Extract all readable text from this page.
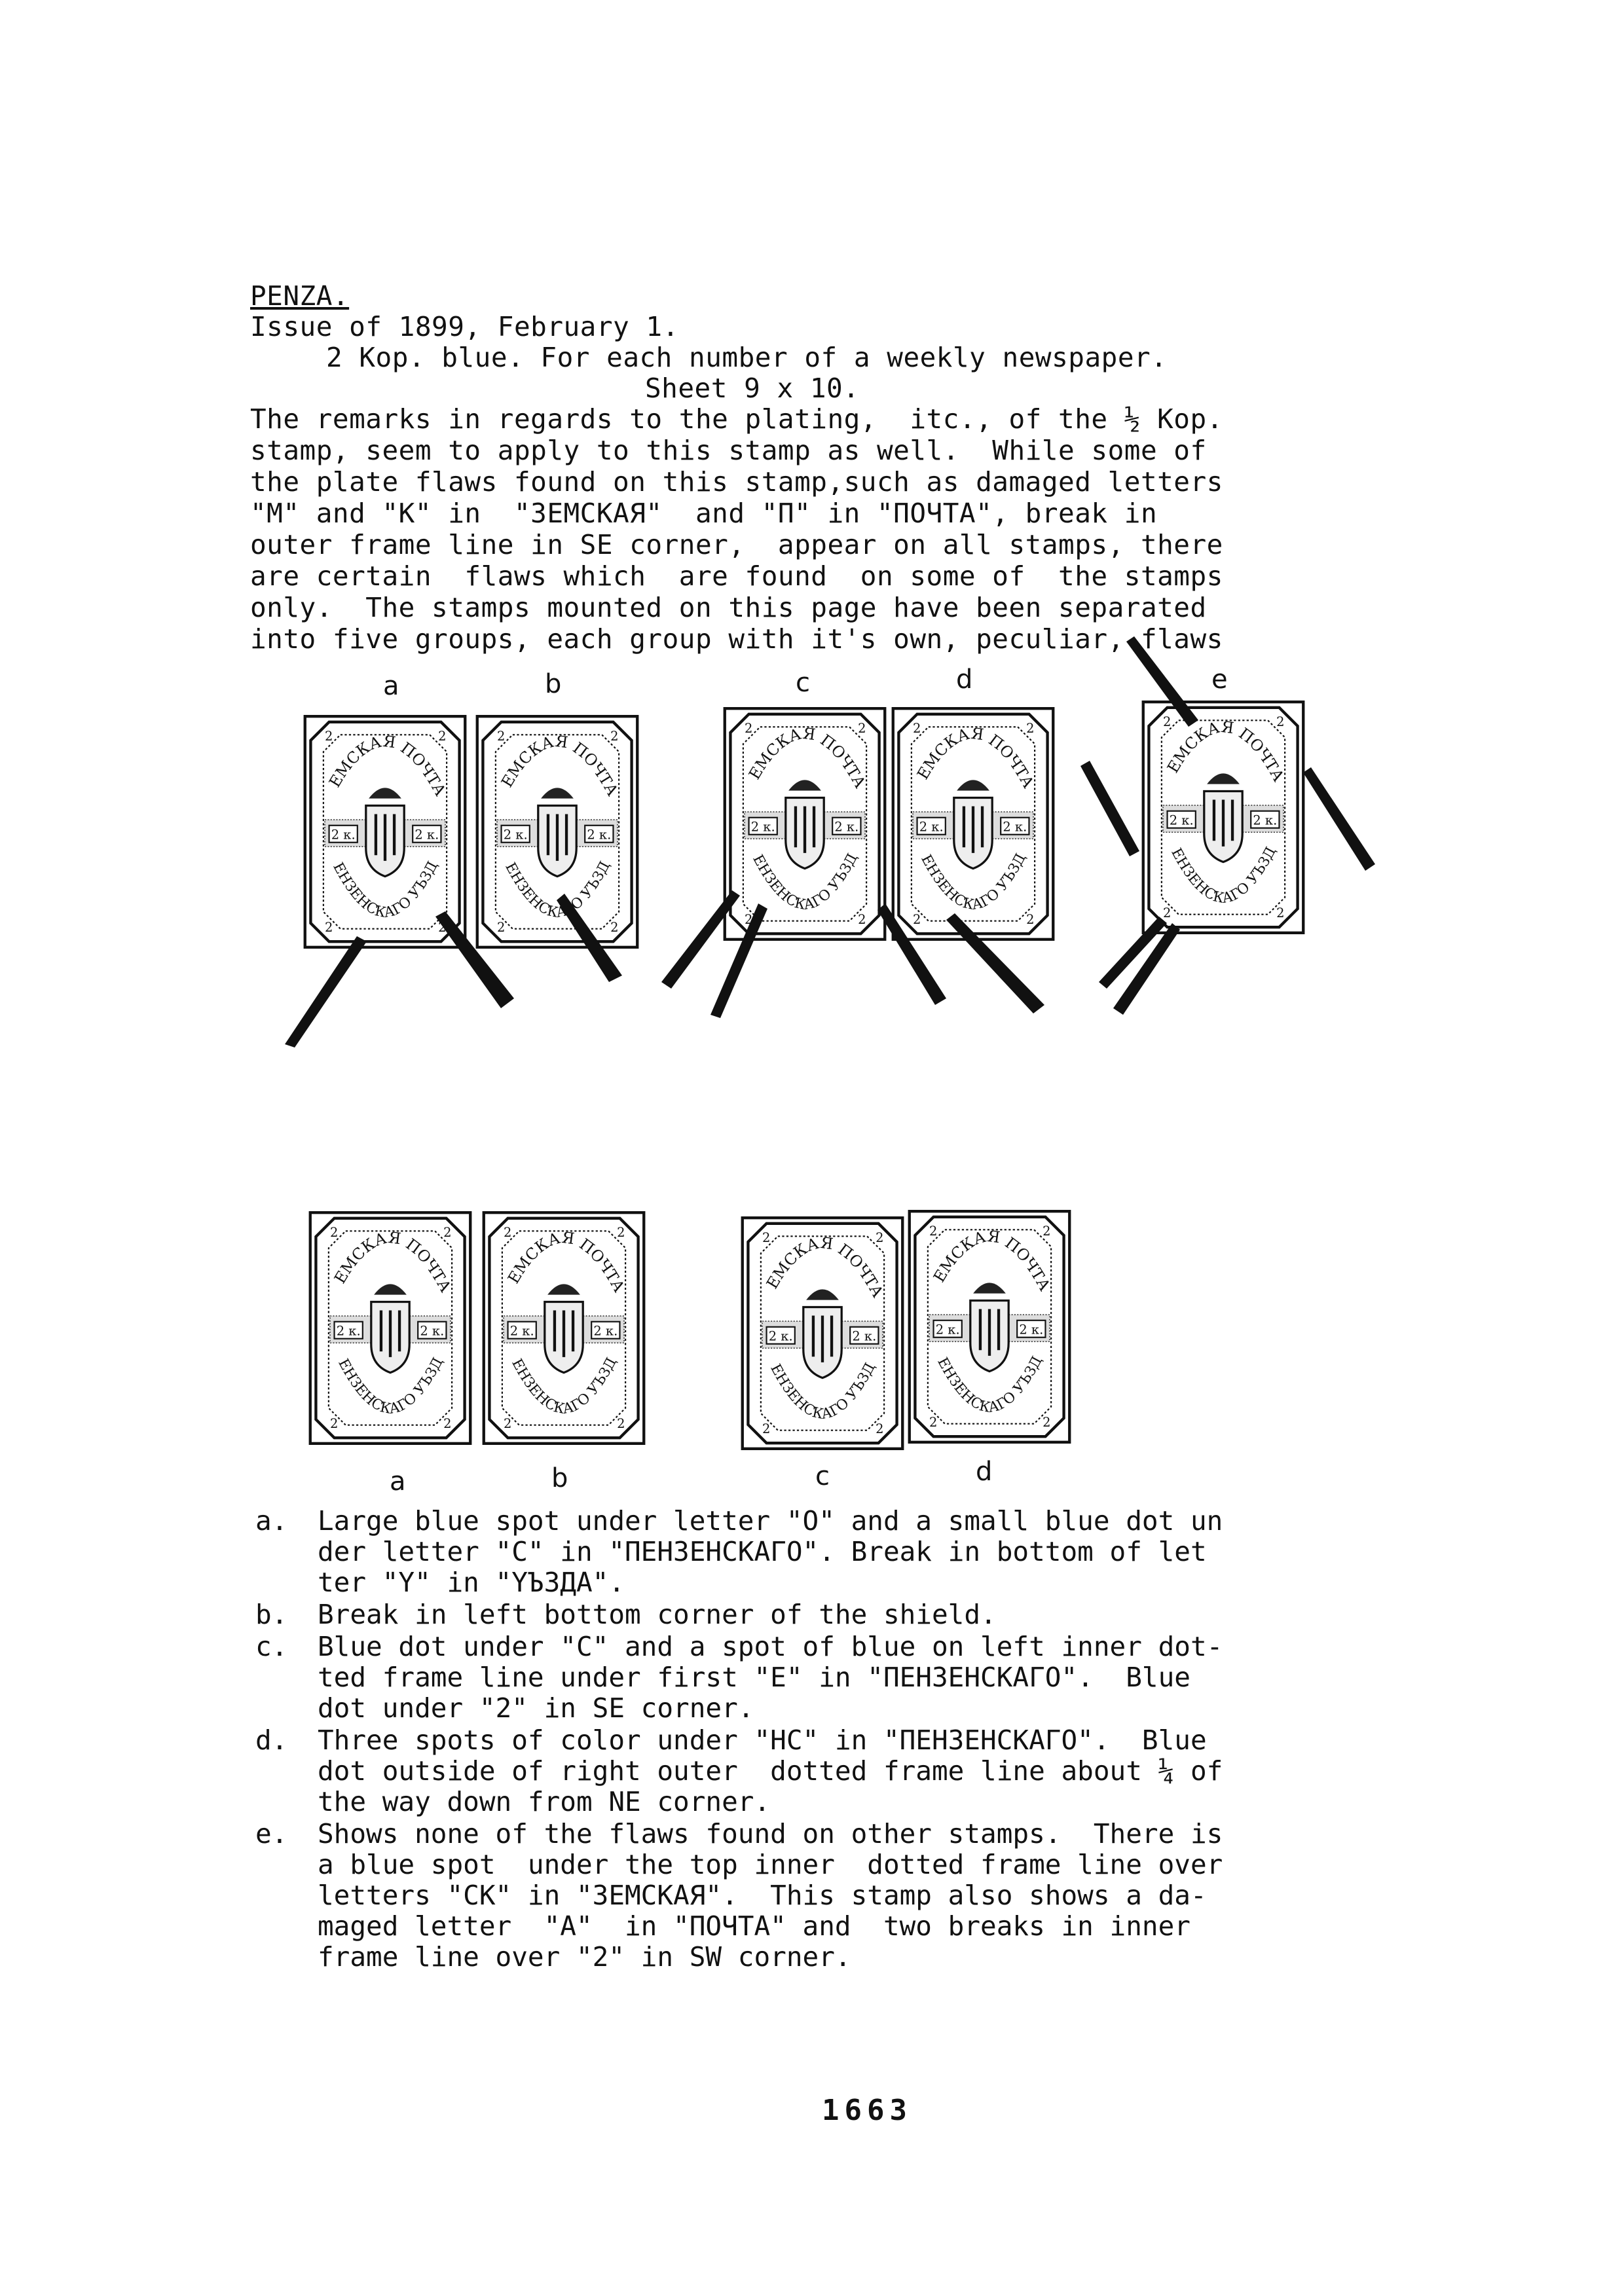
PENZA.
Issue of 1899, February 1.
2 Kop. blue. For each number of a weekly newspaper.
Sheet 9 x 10.
The remarks in regards to the plating,  itc., of the ½ Kop.
stamp, seem to apply to this stamp as well.  While some of
the plate flaws found on this stamp,such as damaged letters
"M" and "K" in  "3EMCKAЯ"  and "П" in "ПОЧТА", break in
outer frame line in SE corner,  appear on all stamps, there
are certain  flaws which  are found  on some of  the stamps
only.  The stamps mounted on this page have been separated
into five groups, each group with it's own, peculiar, flaws
a	b	c	d	e
a	b	c	d
a.	Large blue spot under letter "O" and a small blue dot un
der letter "C" in "ПЕНЗЕНСКАГО". Break in bottom of let
ter "Y" in "YЪЗДА".
b.	Break in left bottom corner of the shield.
c.	Blue dot under "C" and a spot of blue on left inner dot-
ted frame line under first "E" in "ПЕНЗЕНСКАГО".  Blue
dot under "2" in SE corner.
d.	Three spots of color under "HC" in "ПЕНЗЕНСКАГО".  Blue
dot outside of right outer  dotted frame line about ¼ of
the way down from NE corner.
e.	Shows none of the flaws found on other stamps.  There is
a blue spot  under the top inner  dotted frame line over
letters "CK" in "3EMCKAЯ".  This stamp also shows a da-
maged letter  "A"  in "ПОЧТА" and  two breaks in inner
frame line over "2" in SW corner.
1663
